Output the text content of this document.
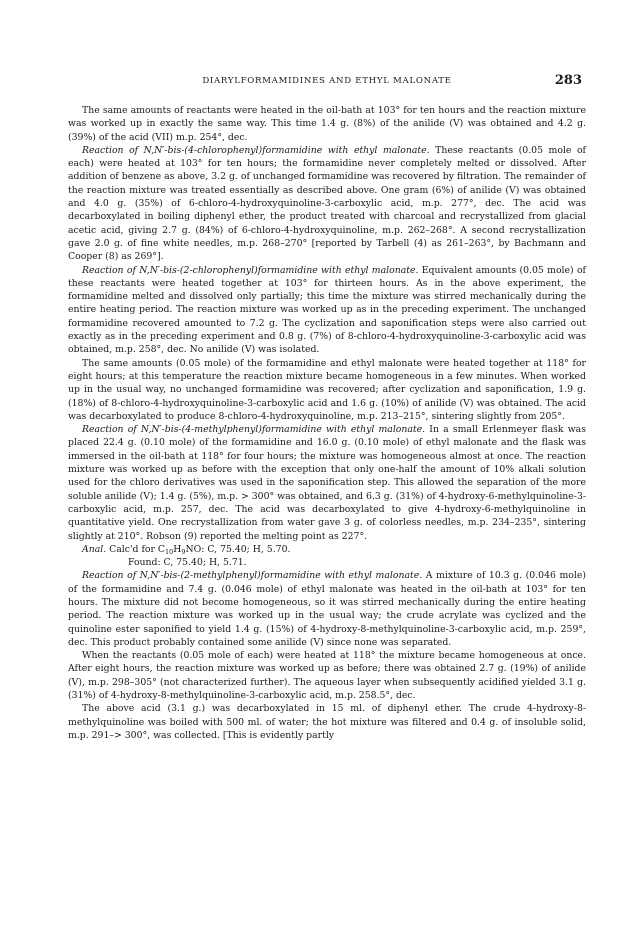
DIARYLFORMAMIDINES AND ETHYL MALONATE	283

The same amounts of reactants were heated in the oil-bath at 103° for ten hours and the reaction mixture was worked up in exactly the same way. This time 1.4 g. (8%) of the anilide (V) was obtained and 4.2 g. (39%) of the acid (VII) m.p. 254°, dec.

Reaction of N,N′-bis-(4-chlorophenyl)formamidine with ethyl malonate. These reactants (0.05 mole of each) were heated at 103° for ten hours; the formamidine never completely melted or dissolved. After addition of benzene as above, 3.2 g. of unchanged formamidine was recovered by filtration. The remainder of the reaction mixture was treated essentially as described above. One gram (6%) of anilide (V) was obtained and 4.0 g. (35%) of 6-chloro-4-hydroxyquinoline-3-carboxylic acid, m.p. 277°, dec. The acid was decarboxylated in boiling diphenyl ether, the product treated with charcoal and recrystallized from glacial acetic acid, giving 2.7 g. (84%) of 6-chloro-4-hydroxyquinoline, m.p. 262–268°. A second recrystallization gave 2.0 g. of fine white needles, m.p. 268–270° [reported by Tarbell (4) as 261–263°, by Bachmann and Cooper (8) as 269°].

Reaction of N,N′-bis-(2-chlorophenyl)formamidine with ethyl malonate. Equivalent amounts (0.05 mole) of these reactants were heated together at 103° for thirteen hours. As in the above experiment, the formamidine melted and dissolved only partially; this time the mixture was stirred mechanically during the entire heating period. The reaction mixture was worked up as in the preceding experiment. The unchanged formamidine recovered amounted to 7.2 g. The cyclization and saponification steps were also carried out exactly as in the preceding experiment and 0.8 g. (7%) of 8-chloro-4-hydroxyquinoline-3-carboxylic acid was obtained, m.p. 258°, dec. No anilide (V) was isolated.

The same amounts (0.05 mole) of the formamidine and ethyl malonate were heated together at 118° for eight hours; at this temperature the reaction mixture became homogeneous in a few minutes. When worked up in the usual way, no unchanged formamidine was recovered; after cyclization and saponification, 1.9 g. (18%) of 8-chloro-4-hydroxyquinoline-3-carboxylic acid and 1.6 g. (10%) of anilide (V) was obtained. The acid was decarboxylated to produce 8-chloro-4-hydroxyquinoline, m.p. 213–215°, sintering slightly from 205°.

Reaction of N,N′-bis-(4-methylphenyl)formamidine with ethyl malonate. In a small Erlenmeyer flask was placed 22.4 g. (0.10 mole) of the formamidine and 16.0 g. (0.10 mole) of ethyl malonate and the flask was immersed in the oil-bath at 118° for four hours; the mixture was homogeneous almost at once. The reaction mixture was worked up as before with the exception that only one-half the amount of 10% alkali solution used for the chloro derivatives was used in the saponification step. This allowed the separation of the more soluble anilide (V); 1.4 g. (5%), m.p. > 300° was obtained, and 6.3 g. (31%) of 4-hydroxy-6-methylquinoline-3-carboxylic acid, m.p. 257, dec. The acid was decarboxylated to give 4-hydroxy-6-methylquinoline in quantitative yield. One recrystallization from water gave 3 g. of colorless needles, m.p. 234–235°, sintering slightly at 210°. Robson (9) reported the melting point as 227°.

Anal. Calc'd for $C_{10}H_9NO$: C, 75.40; H, 5.70.

Found: C, 75.40; H, 5.71.

Reaction of N,N′-bis-(2-methylphenyl)formamidine with ethyl malonate. A mixture of 10.3 g. (0.046 mole) of the formamidine and 7.4 g. (0.046 mole) of ethyl malonate was heated in the oil-bath at 103° for ten hours. The mixture did not become homogeneous, so it was stirred mechanically during the entire heating period. The reaction mixture was worked up in the usual way; the crude acrylate was cyclized and the quinoline ester saponified to yield 1.4 g. (15%) of 4-hydroxy-8-methylquinoline-3-carboxylic acid, m.p. 259°, dec. This product probably contained some anilide (V) since none was separated.

When the reactants (0.05 mole of each) were heated at 118° the mixture became homogeneous at once. After eight hours, the reaction mixture was worked up as before; there was obtained 2.7 g. (19%) of anilide (V), m.p. 298–305° (not characterized further). The aqueous layer when subsequently acidified yielded 3.1 g. (31%) of 4-hydroxy-8-methylquinoline-3-carboxylic acid, m.p. 258.5°, dec.

The above acid (3.1 g.) was decarboxylated in 15 ml. of diphenyl ether. The crude 4-hydroxy-8-methylquinoline was boiled with 500 ml. of water; the hot mixture was filtered and 0.4 g. of insoluble solid, m.p. 291–> 300°, was collected. [This is evidently partly
